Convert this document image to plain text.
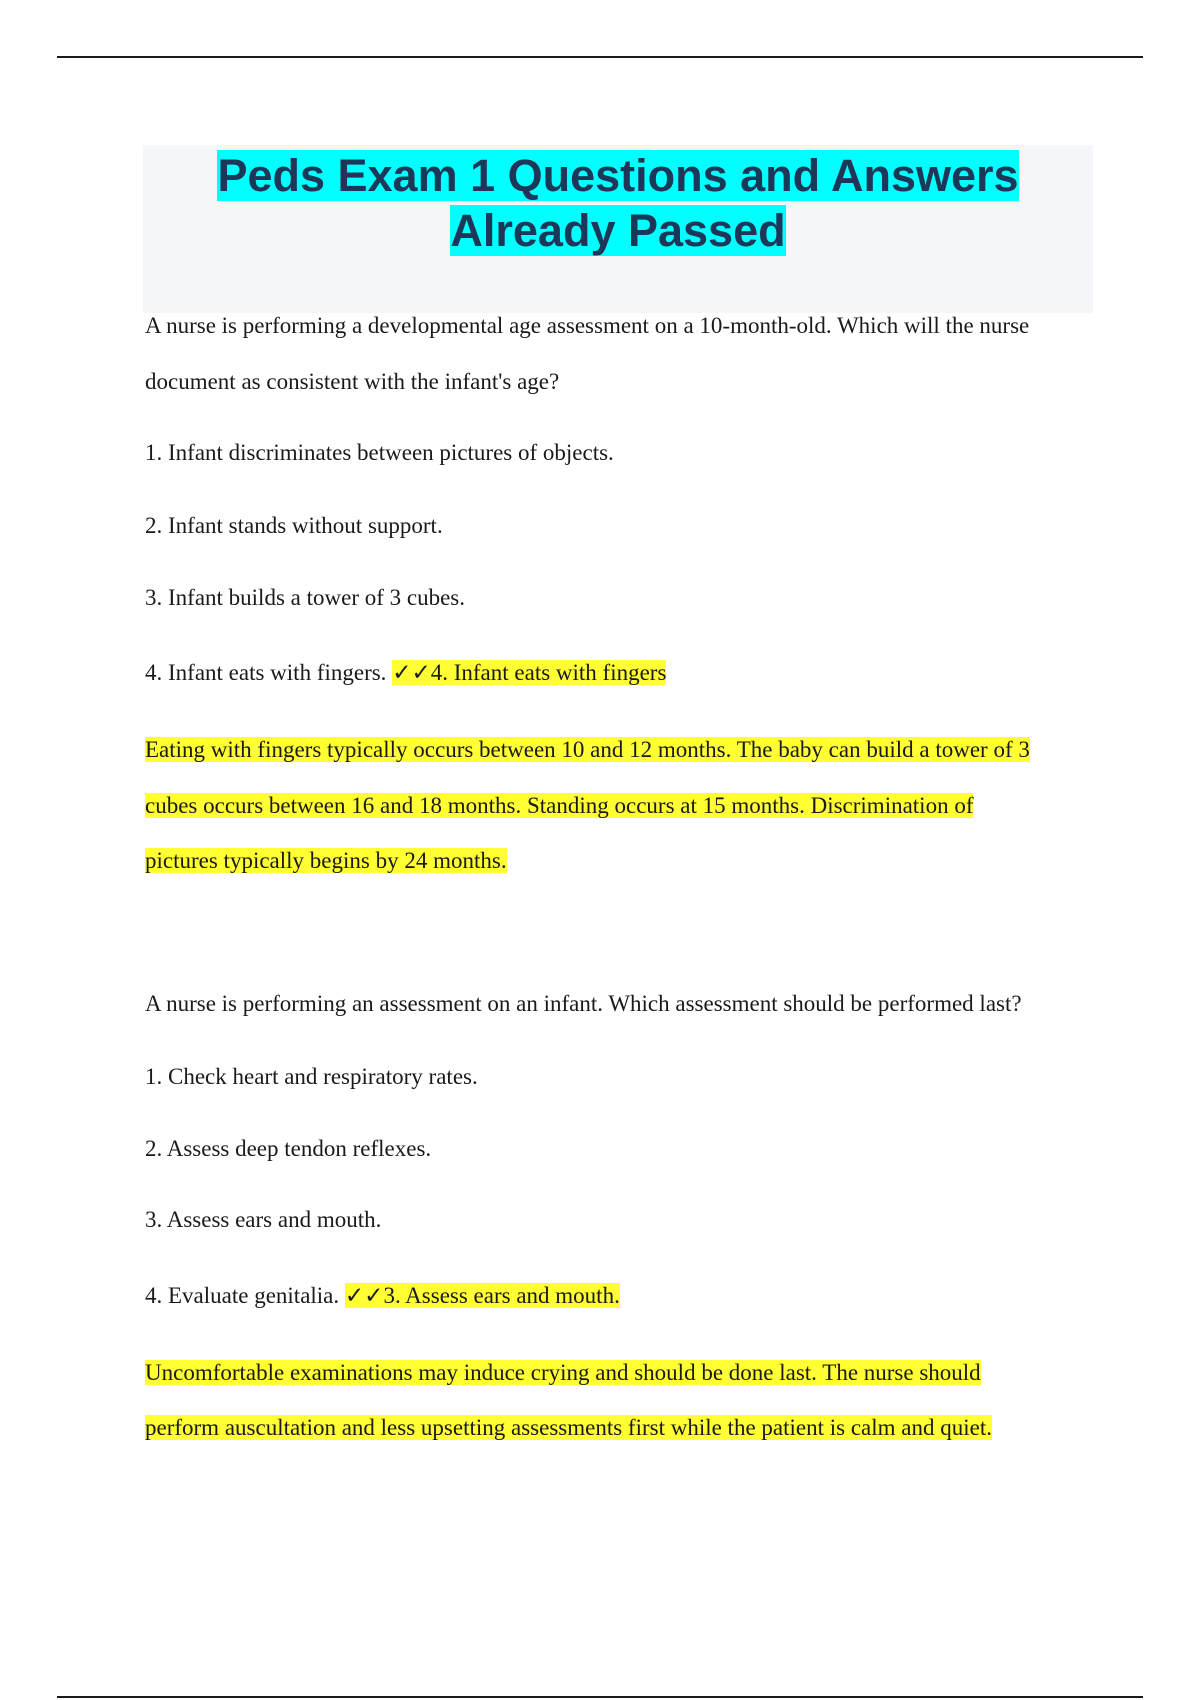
Peds Exam 1 Questions and Answers
Already Passed
A nurse is performing a developmental age assessment on a 10-month-old. Which will the nurse
document as consistent with the infant's age?
1. Infant discriminates between pictures of objects.
2. Infant stands without support.
3. Infant builds a tower of 3 cubes.
4. Infant eats with fingers. ✓✓4. Infant eats with fingers
Eating with fingers typically occurs between 10 and 12 months. The baby can build a tower of 3
cubes occurs between 16 and 18 months. Standing occurs at 15 months. Discrimination of
pictures typically begins by 24 months.
A nurse is performing an assessment on an infant. Which assessment should be performed last?
1. Check heart and respiratory rates.
2. Assess deep tendon reflexes.
3. Assess ears and mouth.
4. Evaluate genitalia. ✓✓3. Assess ears and mouth.
Uncomfortable examinations may induce crying and should be done last. The nurse should
perform auscultation and less upsetting assessments first while the patient is calm and quiet.
